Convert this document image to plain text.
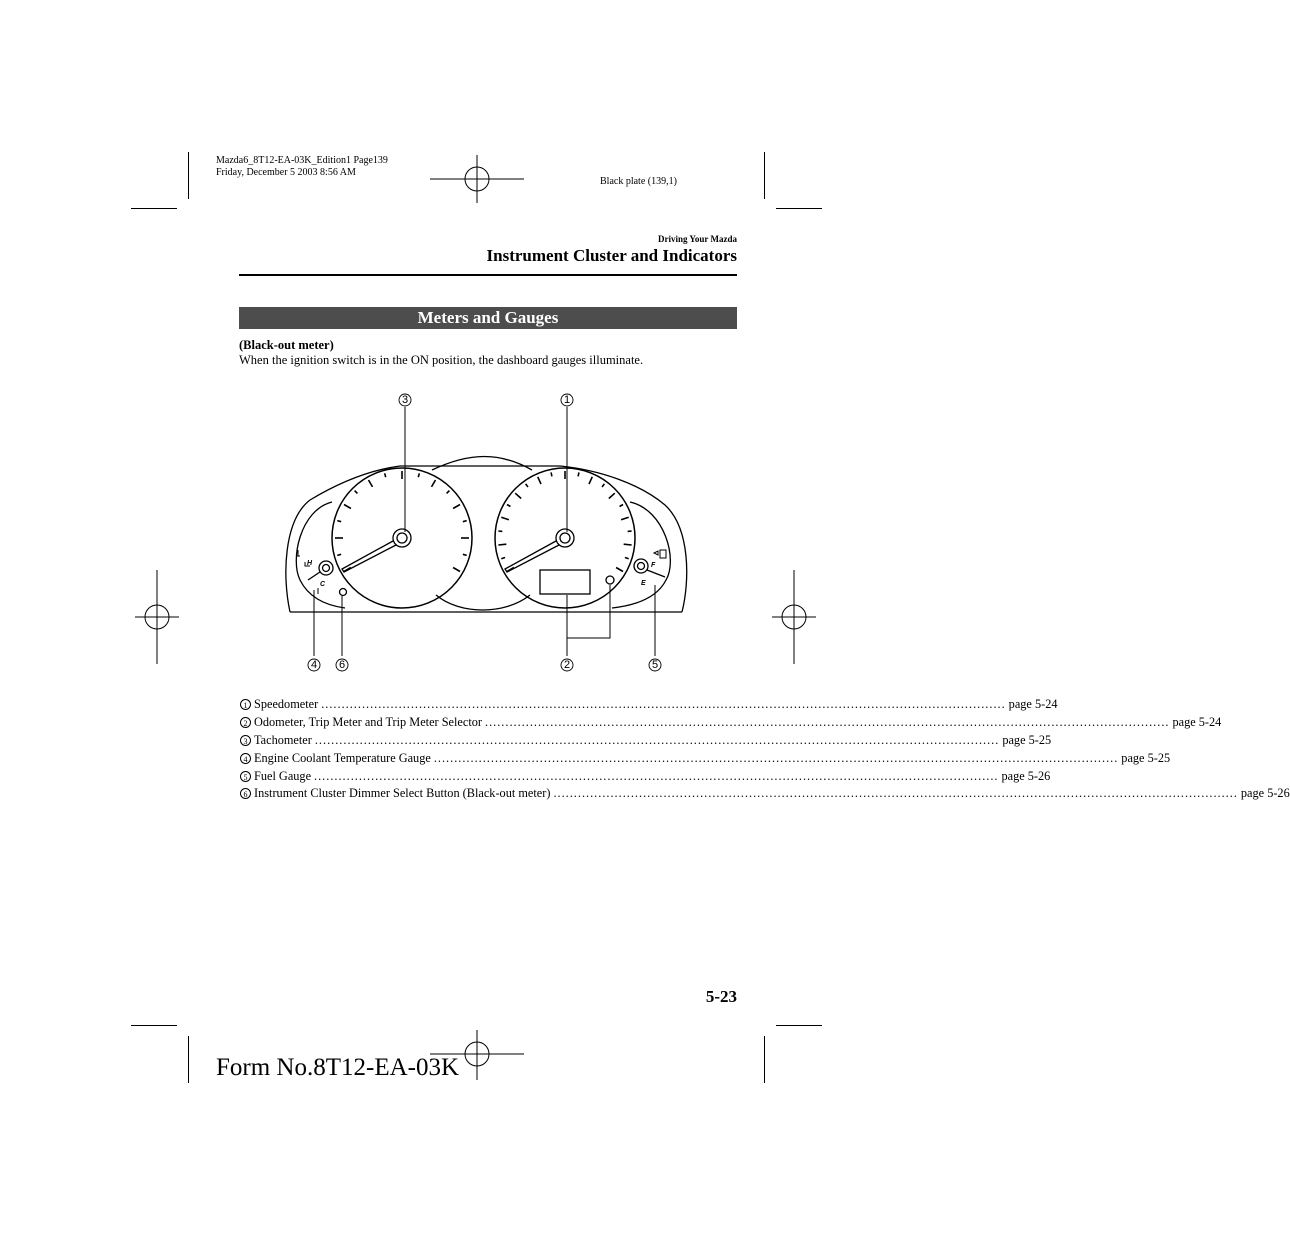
Mazda6_8T12-EA-03K_Edition1 Page139
Friday, December 5 2003 8:56 AM
Black plate (139,1)
Driving Your Mazda
Instrument Cluster and Indicators
Meters and Gauges
(Black-out meter)
When the ignition switch is in the ON position, the dashboard gauges illuminate.
H
C
F
E
3	1
4 6	2	5
1 Speedometer ........................................................................................................................................................................ page 5-24
2 Odometer, Trip Meter and Trip Meter Selector ........................................................................................................................................................................ page 5-24
3 Tachometer ........................................................................................................................................................................ page 5-25
4 Engine Coolant Temperature Gauge ........................................................................................................................................................................ page 5-25
5 Fuel Gauge ........................................................................................................................................................................ page 5-26
6 Instrument Cluster Dimmer Select Button (Black-out meter) ........................................................................................................................................................................ page 5-26
5-23
Form No.8T12-EA-03K
